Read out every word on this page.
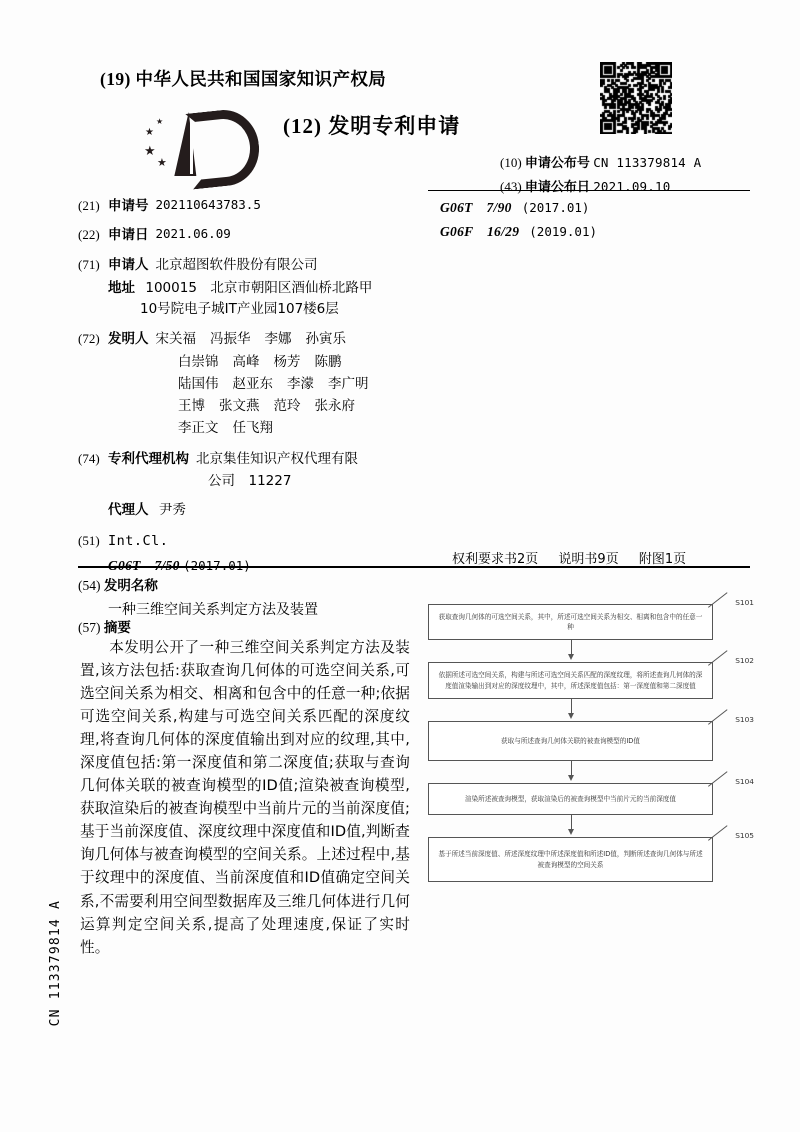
(19) 中华人民共和国国家知识产权局
★
★
★
★
(12) 发明专利申请
(10) 申请公布号 CN 113379814 A
(43) 申请公布日 2021.09.10
G06T　7/90 (2017.01)
G06F　16/29 (2019.01)
(21) 申请号 202110643783.5
(22) 申请日 2021.06.09
(71) 申请人 北京超图软件股份有限公司
地址 100015　北京市朝阳区酒仙桥北路甲
10号院电子城IT产业园107楼6层
(72) 发明人 宋关福 冯振华 李娜 孙寅乐
白崇锦 高峰 杨芳 陈鹏
陆国伟 赵亚东 李濛 李广明
王博 张文燕 范玲 张永府
李正文 任飞翔
(74) 专利代理机构 北京集佳知识产权代理有限
公司　11227
代理人 尹秀
(51) Int.Cl.
G06T　7/50 (2017.01)	权利要求书2页 说明书9页 附图1页
(54) 发明名称
一种三维空间关系判定方法及装置
(57) 摘要
本发明公开了一种三维空间关系判定方法及装置,该方法包括:获取查询几何体的可选空间关系,可选空间关系为相交、相离和包含中的任意一种;依据可选空间关系,构建与可选空间关系匹配的深度纹理,将查询几何体的深度值输出到对应的纹理,其中,深度值包括:第一深度值和第二深度值;获取与查询几何体关联的被查询模型的ID值;渲染被查询模型,获取渲染后的被查询模型中当前片元的当前深度值;基于当前深度值、深度纹理中深度值和ID值,判断查询几何体与被查询模型的空间关系。上述过程中,基于纹理中的深度值、当前深度值和ID值确定空间关系,不需要利用空间型数据库及三维几何体进行几何运算判定空间关系,提高了处理速度,保证了实时性。
CN 113379814 A
S101
获取查询几何体的可选空间关系，其中，所述可选空间关系为相交、相离和包含中的任意一种
S102
依据所述可选空间关系，构建与所述可选空间关系匹配的深度纹理，将所述查询几何体的深度值渲染输出到对应的深度纹理中，其中，所述深度值包括：第一深度值和第二深度值
S103
获取与所述查询几何体关联的被查询模型的ID值
S104
渲染所述被查询模型，获取渲染后的被查询模型中当前片元的当前深度值
S105
基于所述当前深度值、所述深度纹理中所述深度值和所述ID值，判断所述查询几何体与所述被查询模型的空间关系
